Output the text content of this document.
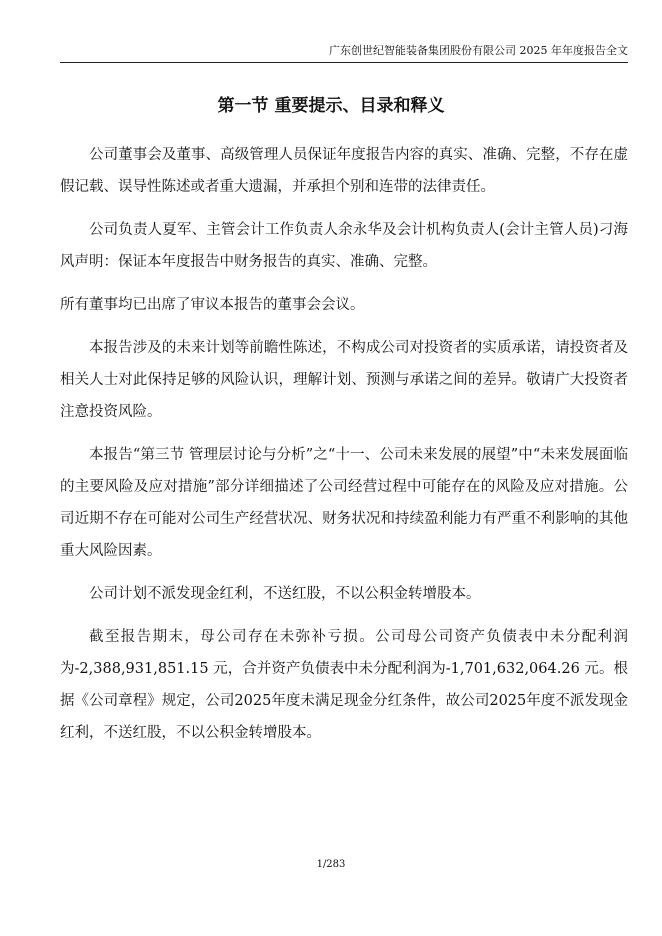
广东创世纪智能装备集团股份有限公司 2025 年年度报告全文
第一节 重要提示、目录和释义

公司董事会及董事、高级管理人员保证年度报告内容的真实、准确、完整，不存在虚假记载、误导性陈述或者重大遗漏，并承担个别和连带的法律责任。

公司负责人夏军、主管会计工作负责人余永华及会计机构负责人(会计主管人员)刁海风声明：保证本年度报告中财务报告的真实、准确、完整。

所有董事均已出席了审议本报告的董事会会议。

本报告涉及的未来计划等前瞻性陈述，不构成公司对投资者的实质承诺，请投资者及相关人士对此保持足够的风险认识，理解计划、预测与承诺之间的差异。敬请广大投资者注意投资风险。

本报告“第三节 管理层讨论与分析”之“十一、公司未来发展的展望”中“未来发展面临的主要风险及应对措施”部分详细描述了公司经营过程中可能存在的风险及应对措施。公司近期不存在可能对公司生产经营状况、财务状况和持续盈利能力有严重不利影响的其他重大风险因素。

公司计划不派发现金红利，不送红股，不以公积金转增股本。

截至报告期末，母公司存在未弥补亏损。公司母公司资产负债表中未分配利润为-2,388,931,851.15 元，合并资产负债表中未分配利润为-1,701,632,064.26 元。根据《公司章程》规定，公司2025年度未满足现金分红条件，故公司2025年度不派发现金红利，不送红股，不以公积金转增股本。

1/283
